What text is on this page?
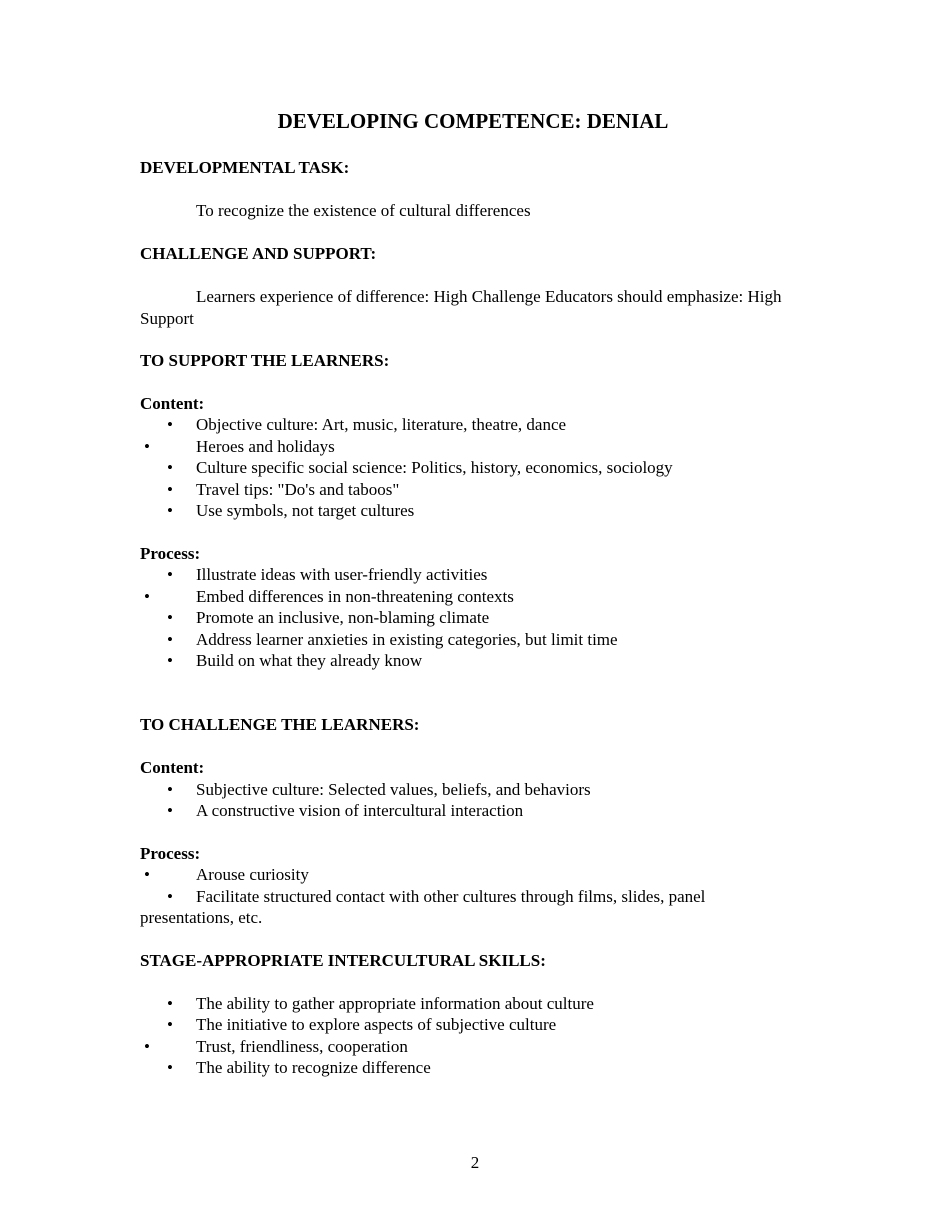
DEVELOPING COMPETENCE: DENIAL
DEVELOPMENTAL TASK:
To recognize the existence of cultural differences
CHALLENGE AND SUPPORT:
Learners experience of difference: High Challenge Educators should emphasize: High Support
TO SUPPORT THE LEARNERS:
Content:
• Objective culture: Art, music, literature, theatre, dance
•	Heroes and holidays
• Culture specific social science: Politics, history, economics, sociology
• Travel tips: "Do's and taboos"
• Use symbols, not target cultures
Process:
• Illustrate ideas with user-friendly activities
•	Embed differences in non-threatening contexts
• Promote an inclusive, non-blaming climate
• Address learner anxieties in existing categories, but limit time
• Build on what they already know
TO CHALLENGE THE LEARNERS:
Content:
• Subjective culture: Selected values, beliefs, and behaviors
• A constructive vision of intercultural interaction
Process:
•	Arouse curiosity
• Facilitate structured contact with other cultures through films, slides, panel
presentations, etc.
STAGE-APPROPRIATE INTERCULTURAL SKILLS:
• The ability to gather appropriate information about culture
• The initiative to explore aspects of subjective culture
•	Trust, friendliness, cooperation
• The ability to recognize difference
2
